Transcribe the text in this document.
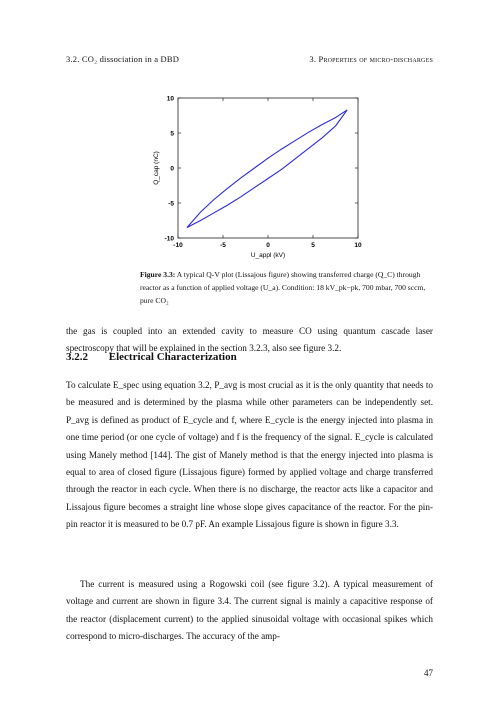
3.2. CO₂ dissociation in a DBD	3. Properties of micro-discharges
-10	-5	0	5	10
10
5
0
-5
-10
U_appl (kV)
Q_cap (nC)
Figure 3.3: A typical Q-V plot (Lissajous figure) showing transferred charge (Q_C) through reactor as a function of applied voltage (U_a). Condition: 18 kV_pk−pk, 700 mbar, 700 sccm, pure CO₂

the gas is coupled into an extended cavity to measure CO using quantum cascade laser spectroscopy that will be explained in the section 3.2.3, also see figure 3.2.

3.2.2 Electrical Characterization

To calculate E_spec using equation 3.2, P_avg is most crucial as it is the only quantity that needs to be measured and is determined by the plasma while other parameters can be independently set. P_avg is defined as product of E_cycle and f, where E_cycle is the energy injected into plasma in one time period (or one cycle of voltage) and f is the frequency of the signal. E_cycle is calculated using Manely method [144]. The gist of Manely method is that the energy injected into plasma is equal to area of closed figure (Lissajous figure) formed by applied voltage and charge transferred through the reactor in each cycle. When there is no discharge, the reactor acts like a capacitor and Lissajous figure becomes a straight line whose slope gives capacitance of the reactor. For the pin-pin reactor it is measured to be 0.7 pF. An example Lissajous figure is shown in figure 3.3.

The current is measured using a Rogowski coil (see figure 3.2). A typical measurement of voltage and current are shown in figure 3.4. The current signal is mainly a capacitive response of the reactor (displacement current) to the applied sinusoidal voltage with occasional spikes which correspond to micro-discharges. The accuracy of the amp-

47
